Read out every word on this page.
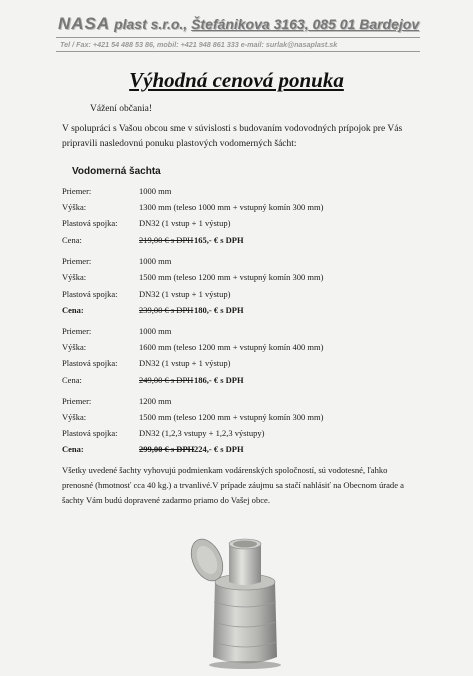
NASA plast s.r.o., Štefánikova 3163, 085 01 Bardejov
Tel / Fax: +421 54 488 53 86, mobil: +421 948 861 333 e-mail: surlak@nasaplast.sk
Výhodná cenová ponuka
Vážení občania!
V spolupráci s Vašou obcou sme v súvislosti s budovaním vodovodných prípojok pre Vás
pripravili nasledovnú ponuku plastových vodomerných šácht:
Vodomerná šachta
Priemer:	1000 mm
Výška:	1300 mm (teleso 1000 mm + vstupný komín 300 mm)
Plastová spojka:	DN32 (1 vstup + 1 výstup)
Cena:	219,00 € s DPH 165,- € s DPH
Priemer:	1000 mm
Výška:	1500 mm (teleso 1200 mm + vstupný komín 300 mm)
Plastová spojka:	DN32 (1 vstup + 1 výstup)
Cena:	239,00 € s DPH 180,- € s DPH
Priemer:	1000 mm
Výška:	1600 mm (teleso 1200 mm + vstupný komín 400 mm)
Plastová spojka:	DN32 (1 vstup + 1 výstup)
Cena:	249,00 € s DPH 186,- € s DPH
Priemer:	1200 mm
Výška:	1500 mm (teleso 1200 mm + vstupný komín 300 mm)
Plastová spojka:	DN32 (1,2,3 vstupy + 1,2,3 výstupy)
Cena:	299,00 € s DPH 224,- € s DPH
Všetky uvedené šachty vyhovujú podmienkam vodárenských spoločností, sú vodotesné, ľahko
prenosné (hmotnosť cca 40 kg.) a trvanlivé.V prípade záujmu sa stačí nahlásiť na Obecnom úrade a
šachty Vám budú dopravené zadarmo priamo do Vašej obce.
